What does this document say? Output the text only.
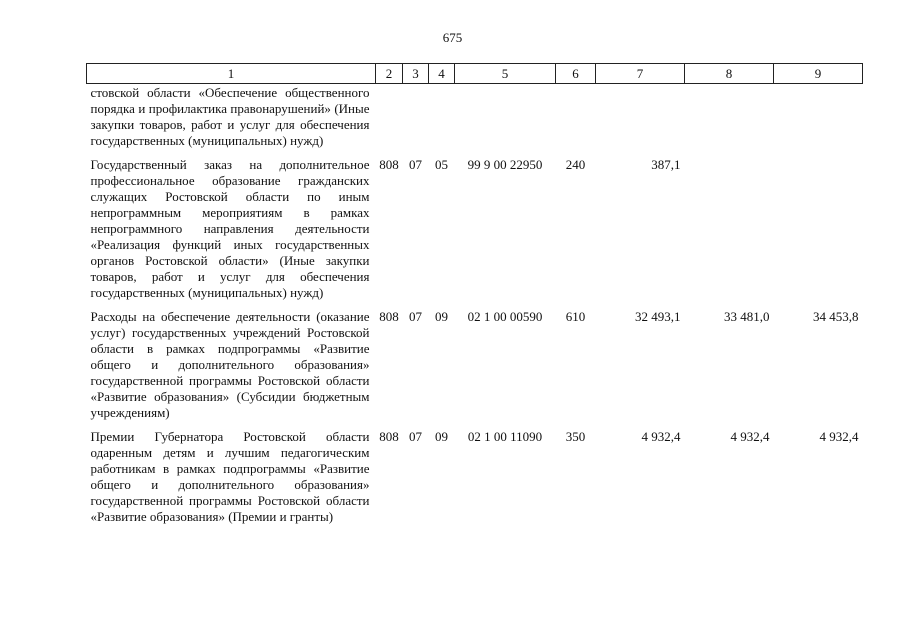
675
1	2	3	4	5	6	7	8	9
стовской области «Обеспечение общественного порядка и профилактика правонарушений» (Иные закупки товаров, работ и услуг для обеспечения государственных (муниципальных) нужд)								
Государственный заказ на дополнительное профессиональное образование гражданских служащих Ростовской области по иным непрограммным мероприятиям в рамках непрограммного направления деятельности «Реализация функций иных государственных органов Ростовской области» (Иные закупки товаров, работ и услуг для обеспечения государственных (муниципальных) нужд)	808	07	05	99 9 00 22950	240	387,1		
Расходы на обеспечение деятельности (оказание услуг) государственных учреждений Ростовской области в рамках подпрограммы «Развитие общего и дополнительного образования» государственной программы Ростовской области «Развитие образования» (Субсидии бюджетным учреждениям)	808	07	09	02 1 00 00590	610	32 493,1	33 481,0	34 453,8
Премии Губернатора Ростовской области одаренным детям и лучшим педагогическим работникам в рамках подпрограммы «Развитие общего и дополнительного образования» государственной программы Ростовской области «Развитие образования» (Премии и гранты)	808	07	09	02 1 00 11090	350	4 932,4	4 932,4	4 932,4
